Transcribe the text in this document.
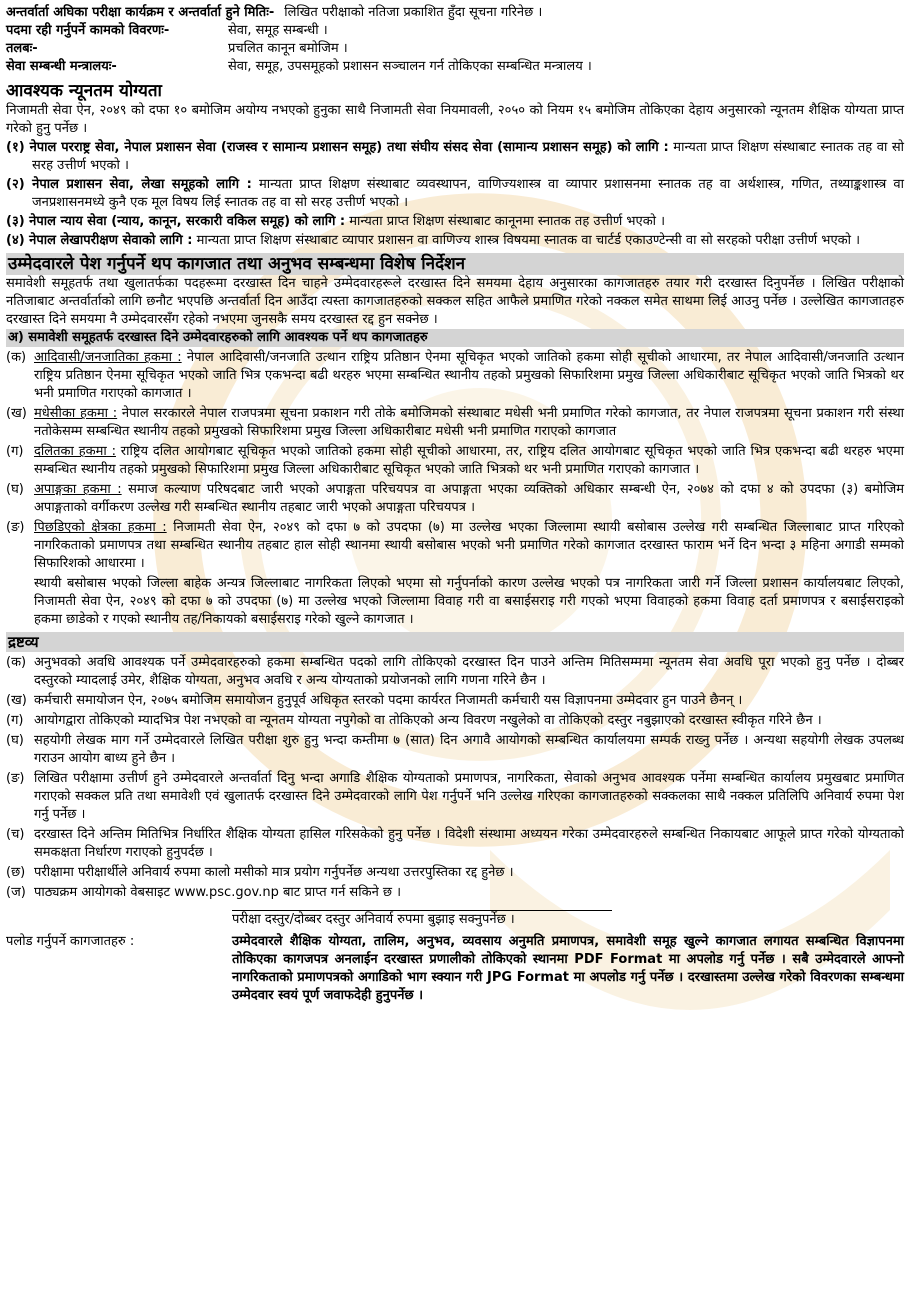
अन्तर्वार्ता अघिका परीक्षा कार्यक्रम र अन्तर्वार्ता हुने मितिः- लिखित परीक्षाको नतिजा प्रकाशित हुँदा सूचना गरिनेछ ।
पदमा रही गर्नुपर्ने कामको विवरणः-	सेवा, समूह सम्बन्धी ।
तलबः-	प्रचलित कानून बमोजिम ।
सेवा सम्बन्धी मन्त्रालयः-	सेवा, समूह, उपसमूहको प्रशासन सञ्चालन गर्न तोकिएका सम्बन्धित मन्त्रालय ।
आवश्यक न्यूनतम योग्यता

निजामती सेवा ऐन, २०४९ को दफा १० बमोजिम अयोग्य नभएको हुनुका साथै निजामती सेवा नियमावली, २०५० को नियम १५ बमोजिम तोकिएका देहाय अनुसारको न्यूनतम शैक्षिक योग्यता प्राप्त गरेको हुनु पर्नेछ ।

(१) नेपाल परराष्ट्र सेवा, नेपाल प्रशासन सेवा (राजस्व र सामान्य प्रशासन समूह) तथा संघीय संसद सेवा (सामान्य प्रशासन समूह) को लागि : मान्यता प्राप्त शिक्षण संस्थाबाट स्नातक तह वा सो सरह उत्तीर्ण भएको ।
(२) नेपाल प्रशासन सेवा, लेखा समूहको लागि : मान्यता प्राप्त शिक्षण संस्थाबाट व्यवस्थापन, वाणिज्यशास्त्र वा व्यापार प्रशासनमा स्नातक तह वा अर्थशास्त्र, गणित, तथ्याङ्कशास्त्र वा जनप्रशासनमध्ये कुनै एक मूल विषय लिई स्नातक तह वा सो सरह उत्तीर्ण भएको ।
(३) नेपाल न्याय सेवा (न्याय, कानून, सरकारी वकिल समूह) को लागि : मान्यता प्राप्त शिक्षण संस्थाबाट कानूनमा स्नातक तह उत्तीर्ण भएको ।
(४) नेपाल लेखापरीक्षण सेवाको लागि : मान्यता प्राप्त शिक्षण संस्थाबाट व्यापार प्रशासन वा वाणिज्य शास्त्र विषयमा स्नातक वा चार्टर्ड एकाउण्टेन्सी वा सो सरहको परीक्षा उत्तीर्ण भएको ।
उम्मेदवारले पेश गर्नुपर्ने थप कागजात तथा अनुभव सम्बन्धमा विशेष निर्देशन

समावेशी समूहतर्फ तथा खुलातर्फका पदहरूमा दरखास्त दिन चाहने उम्मेदवारहरूले दरखास्त दिने समयमा देहाय अनुसारका कागजातहरु तयार गरी दरखास्त दिनुपर्नेछ । लिखित परीक्षाको नतिजाबाट अन्तर्वार्ताको लागि छनौट भएपछि अन्तर्वार्ता दिन आउँदा त्यस्ता कागजातहरुको सक्कल सहित आफैले प्रमाणित गरेको नक्कल समेत साथमा लिई आउनु पर्नेछ । उल्लेखित कागजातहरु दरखास्त दिने समयमा नै उम्मेदवारसँग रहेको नभएमा जुनसकै समय दरखास्त रद्द हुन सक्नेछ ।

अ) समावेशी समूहतर्फ दरखास्त दिने उम्मेदवारहरुको लागि आवश्यक पर्ने थप कागजातहरु
(क) आदिवासी/जनजातिका हकमा : नेपाल आदिवासी/जनजाति उत्थान राष्ट्रिय प्रतिष्ठान ऐनमा सूचिकृत भएको जातिको हकमा सोही सूचीको आधारमा, तर नेपाल आदिवासी/जनजाति उत्थान राष्ट्रिय प्रतिष्ठान ऐनमा सूचिकृत भएको जाति भित्र एकभन्दा बढी थरहरु भएमा सम्बन्धित स्थानीय तहको प्रमुखको सिफारिशमा प्रमुख जिल्ला अधिकारीबाट सूचिकृत भएको जाति भित्रको थर भनी प्रमाणित गराएको कागजात ।
(ख) मधेसीका हकमा : नेपाल सरकारले नेपाल राजपत्रमा सूचना प्रकाशन गरी तोके बमोजिमको संस्थाबाट मधेसी भनी प्रमाणित गरेको कागजात, तर नेपाल राजपत्रमा सूचना प्रकाशन गरी संस्था नतोकेसम्म सम्बन्धित स्थानीय तहको प्रमुखको सिफारिशमा प्रमुख जिल्ला अधिकारीबाट मधेसी भनी प्रमाणित गराएको कागजात
(ग) दलितका हकमा : राष्ट्रिय दलित आयोगबाट सूचिकृत भएको जातिको हकमा सोही सूचीको आधारमा, तर, राष्ट्रिय दलित आयोगबाट सूचिकृत भएको जाति भित्र एकभन्दा बढी थरहरु भएमा सम्बन्धित स्थानीय तहको प्रमुखको सिफारिशमा प्रमुख जिल्ला अधिकारीबाट सूचिकृत भएको जाति भित्रको थर भनी प्रमाणित गराएको कागजात ।
(घ) अपाङ्गका हकमा : समाज कल्याण परिषदबाट जारी भएको अपाङ्गता परिचयपत्र वा अपाङ्गता भएका व्यक्तिको अधिकार सम्बन्धी ऐन, २०७४ को दफा ४ को उपदफा (३) बमोजिम अपाङ्गताको वर्गीकरण उल्लेख गरी सम्बन्धित स्थानीय तहबाट जारी भएको अपाङ्गता परिचयपत्र ।
(ङ) पिछडिएको क्षेत्रका हकमा : निजामती सेवा ऐन, २०४९ को दफा ७ को उपदफा (७) मा उल्लेख भएका जिल्लामा स्थायी बसोबास उल्लेख गरी सम्बन्धित जिल्लाबाट प्राप्त गरिएको नागरिकताको प्रमाणपत्र तथा सम्बन्धित स्थानीय तहबाट हाल सोही स्थानमा स्थायी बसोबास भएको भनी प्रमाणित गरेको कागजात दरखास्त फाराम भर्ने दिन भन्दा ३ महिना अगाडी सम्मको सिफारिशको आधारमा ।
स्थायी बसोबास भएको जिल्ला बाहेक अन्यत्र जिल्लाबाट नागरिकता लिएको भएमा सो गर्नुपर्नाको कारण उल्लेख भएको पत्र नागरिकता जारी गर्ने जिल्ला प्रशासन कार्यालयबाट लिएको, निजामती सेवा ऐन, २०४९ को दफा ७ को उपदफा (७) मा उल्लेख भएको जिल्लामा विवाह गरी वा बसाईसराइ गरी गएको भएमा विवाहको हकमा विवाह दर्ता प्रमाणपत्र र बसाईसराइको हकमा छाडेको र गएको स्थानीय तह/निकायको बसाईसराइ गरेको खुल्ने कागजात ।
द्रष्टव्य
(क) अनुभवको अवधि आवश्यक पर्ने उम्मेदवारहरुको हकमा सम्बन्धित पदको लागि तोकिएको दरखास्त दिन पाउने अन्तिम मितिसम्ममा न्यूनतम सेवा अवधि पूरा भएको हुनु पर्नेछ । दोब्बर दस्तुरको म्यादलाई उमेर, शैक्षिक योग्यता, अनुभव अवधि र अन्य योग्यताको प्रयोजनको लागि गणना गरिने छैन ।
(ख) कर्मचारी समायोजन ऐन, २०७५ बमोजिम समायोजन हुनुपूर्व अधिकृत स्तरको पदमा कार्यरत निजामती कर्मचारी यस विज्ञापनमा उम्मेदवार हुन पाउने छैनन् ।
(ग) आयोगद्वारा तोकिएको म्यादभित्र पेश नभएको वा न्यूनतम योग्यता नपुगेको वा तोकिएको अन्य विवरण नखुलेको वा तोकिएको दस्तुर नबुझाएको दरखास्त स्वीकृत गरिने छैन ।
(घ) सहयोगी लेखक माग गर्ने उम्मेदवारले लिखित परीक्षा शुरु हुनु भन्दा कम्तीमा ७ (सात) दिन अगावै आयोगको सम्बन्धित कार्यालयमा सम्पर्क राख्नु पर्नेछ । अन्यथा सहयोगी लेखक उपलब्ध गराउन आयोग बाध्य हुने छैन ।
(ङ) लिखित परीक्षामा उत्तीर्ण हुने उम्मेदवारले अन्तर्वार्ता दिनु भन्दा अगाडि शैक्षिक योग्यताको प्रमाणपत्र, नागरिकता, सेवाको अनुभव आवश्यक पर्नेमा सम्बन्धित कार्यालय प्रमुखबाट प्रमाणित गराएको सक्कल प्रति तथा समावेशी एवं खुलातर्फ दरखास्त दिने उम्मेदवारको लागि पेश गर्नुपर्ने भनि उल्लेख गरिएका कागजातहरुको सक्कलका साथै नक्कल प्रतिलिपि अनिवार्य रुपमा पेश गर्नु पर्नेछ ।
(च) दरखास्त दिने अन्तिम मितिभित्र निर्धारित शैक्षिक योग्यता हासिल गरिसकेको हुनु पर्नेछ । विदेशी संस्थामा अध्ययन गरेका उम्मेदवारहरुले सम्बन्धित निकायबाट आफूले प्राप्त गरेको योग्यताको समकक्षता निर्धारण गराएको हुनुपर्दछ ।
(छ) परीक्षामा परीक्षार्थीले अनिवार्य रुपमा कालो मसीको मात्र प्रयोग गर्नुपर्नेछ अन्यथा उत्तरपुस्तिका रद्द हुनेछ ।
(ज) पाठ्यक्रम आयोगको वेबसाइट www.psc.gov.np बाट प्राप्त गर्न सकिने छ ।
परीक्षा दस्तुर/दोब्बर दस्तुर अनिवार्य रुपमा बुझाइ सक्नुपर्नेछ ।
पलोड गर्नुपर्ने कागजातहरु :	उम्मेदवारले शैक्षिक योग्यता, तालिम, अनुभव, व्यवसाय अनुमति प्रमाणपत्र, समावेशी समूह खुल्ने कागजात लगायत सम्बन्धित विज्ञापनमा तोकिएका कागजपत्र अनलाईन दरखास्त प्रणालीको तोकिएको स्थानमा PDF Format मा अपलोड गर्नु पर्नेछ । सबै उम्मेदवारले आफ्नो नागरिकताको प्रमाणपत्रको अगाडिको भाग स्क्यान गरी JPG Format मा अपलोड गर्नु पर्नेछ । दरखास्तमा उल्लेख गरेको विवरणका सम्बन्धमा उम्मेदवार स्वयं पूर्ण जवाफदेही हुनुपर्नेछ ।
